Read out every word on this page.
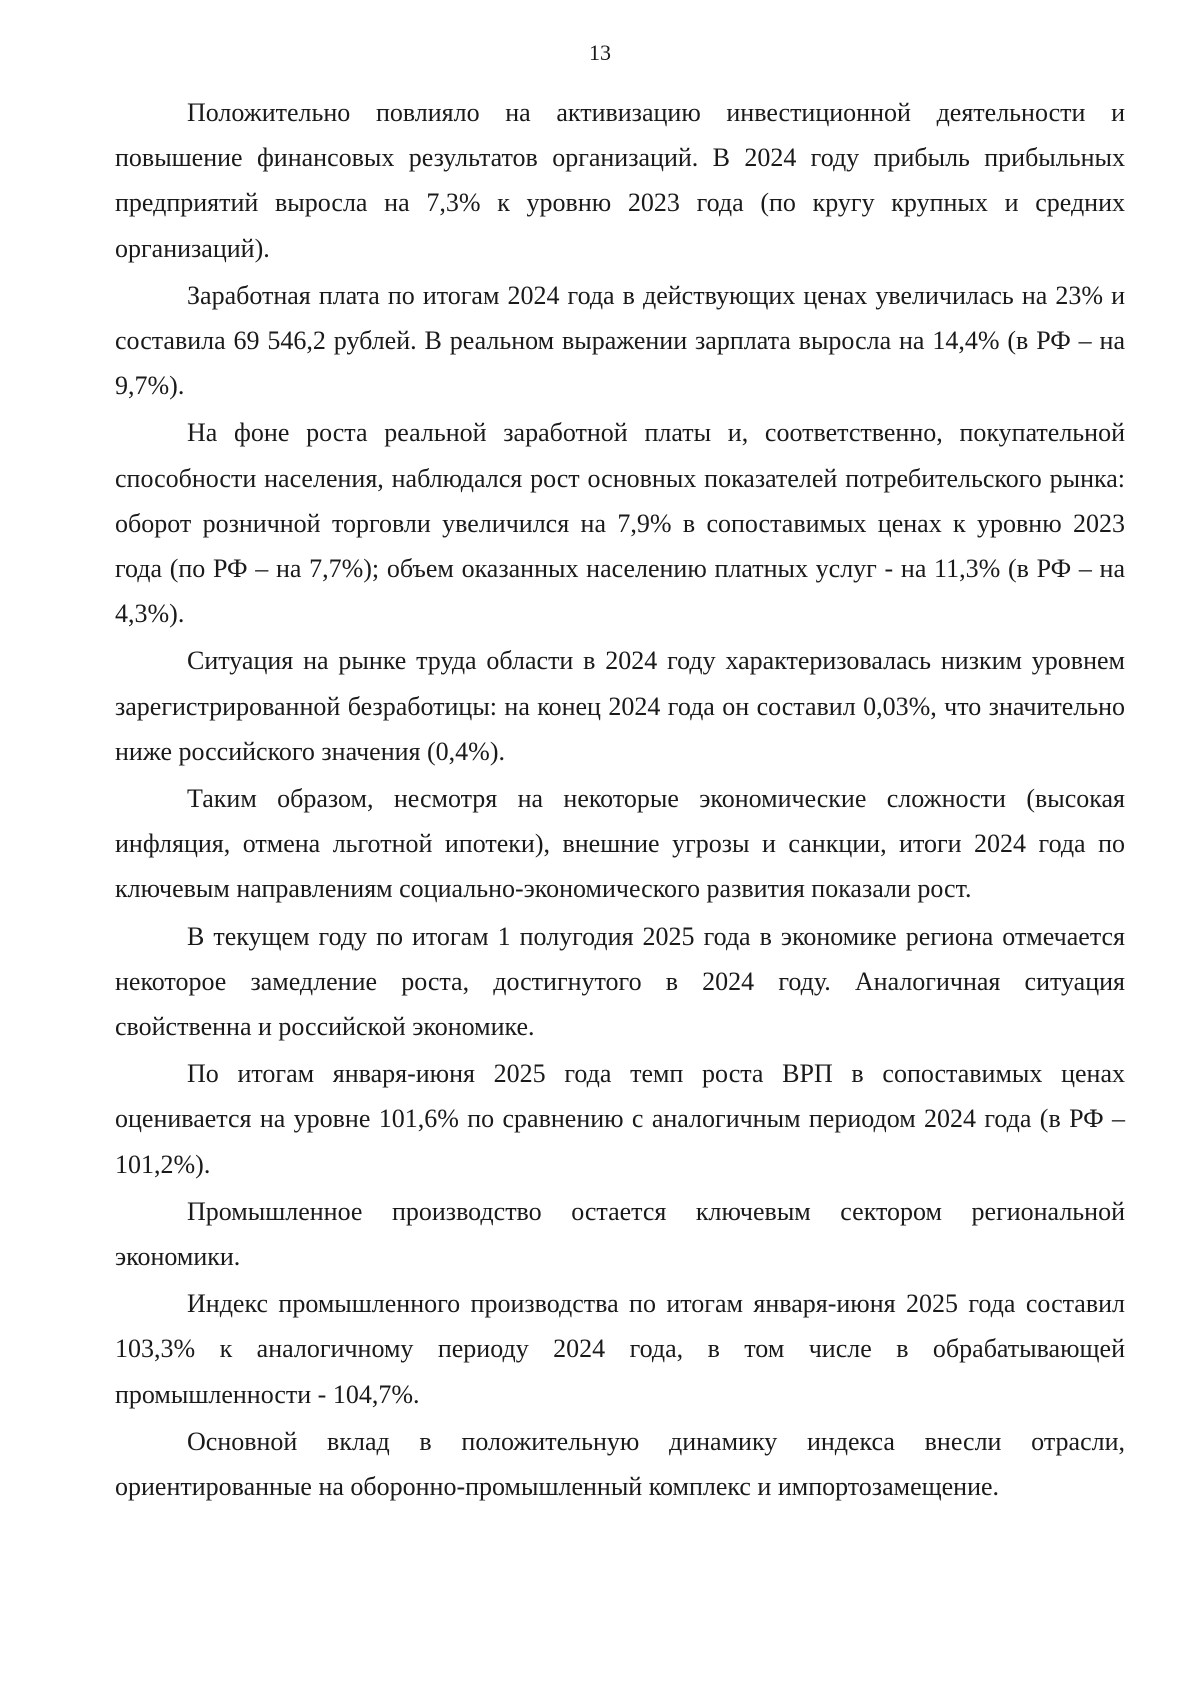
13

Положительно повлияло на активизацию инвестиционной деятельности и повышение финансовых результатов организаций. В 2024 году прибыль прибыльных предприятий выросла на 7,3% к уровню 2023 года (по кругу крупных и средних организаций).

Заработная плата по итогам 2024 года в действующих ценах увеличилась на 23% и составила 69 546,2 рублей. В реальном выражении зарплата выросла на 14,4% (в РФ – на 9,7%).

На фоне роста реальной заработной платы и, соответственно, покупательной способности населения, наблюдался рост основных показателей потребительского рынка: оборот розничной торговли увеличился на 7,9% в сопоставимых ценах к уровню 2023 года (по РФ – на 7,7%); объем оказанных населению платных услуг - на 11,3% (в РФ – на 4,3%).

Ситуация на рынке труда области в 2024 году характеризовалась низким уровнем зарегистрированной безработицы: на конец 2024 года он составил 0,03%, что значительно ниже российского значения (0,4%).

Таким образом, несмотря на некоторые экономические сложности (высокая инфляция, отмена льготной ипотеки), внешние угрозы и санкции, итоги 2024 года по ключевым направлениям социально-экономического развития показали рост.

В текущем году по итогам 1 полугодия 2025 года в экономике региона отмечается некоторое замедление роста, достигнутого в 2024 году. Аналогичная ситуация свойственна и российской экономике.

По итогам января-июня 2025 года темп роста ВРП в сопоставимых ценах оценивается на уровне 101,6% по сравнению с аналогичным периодом 2024 года (в РФ – 101,2%).

Промышленное производство остается ключевым сектором региональной экономики.

Индекс промышленного производства по итогам января-июня 2025 года составил 103,3% к аналогичному периоду 2024 года, в том числе в обрабатывающей промышленности - 104,7%.

Основной вклад в положительную динамику индекса внесли отрасли, ориентированные на оборонно-промышленный комплекс и импортозамещение.
